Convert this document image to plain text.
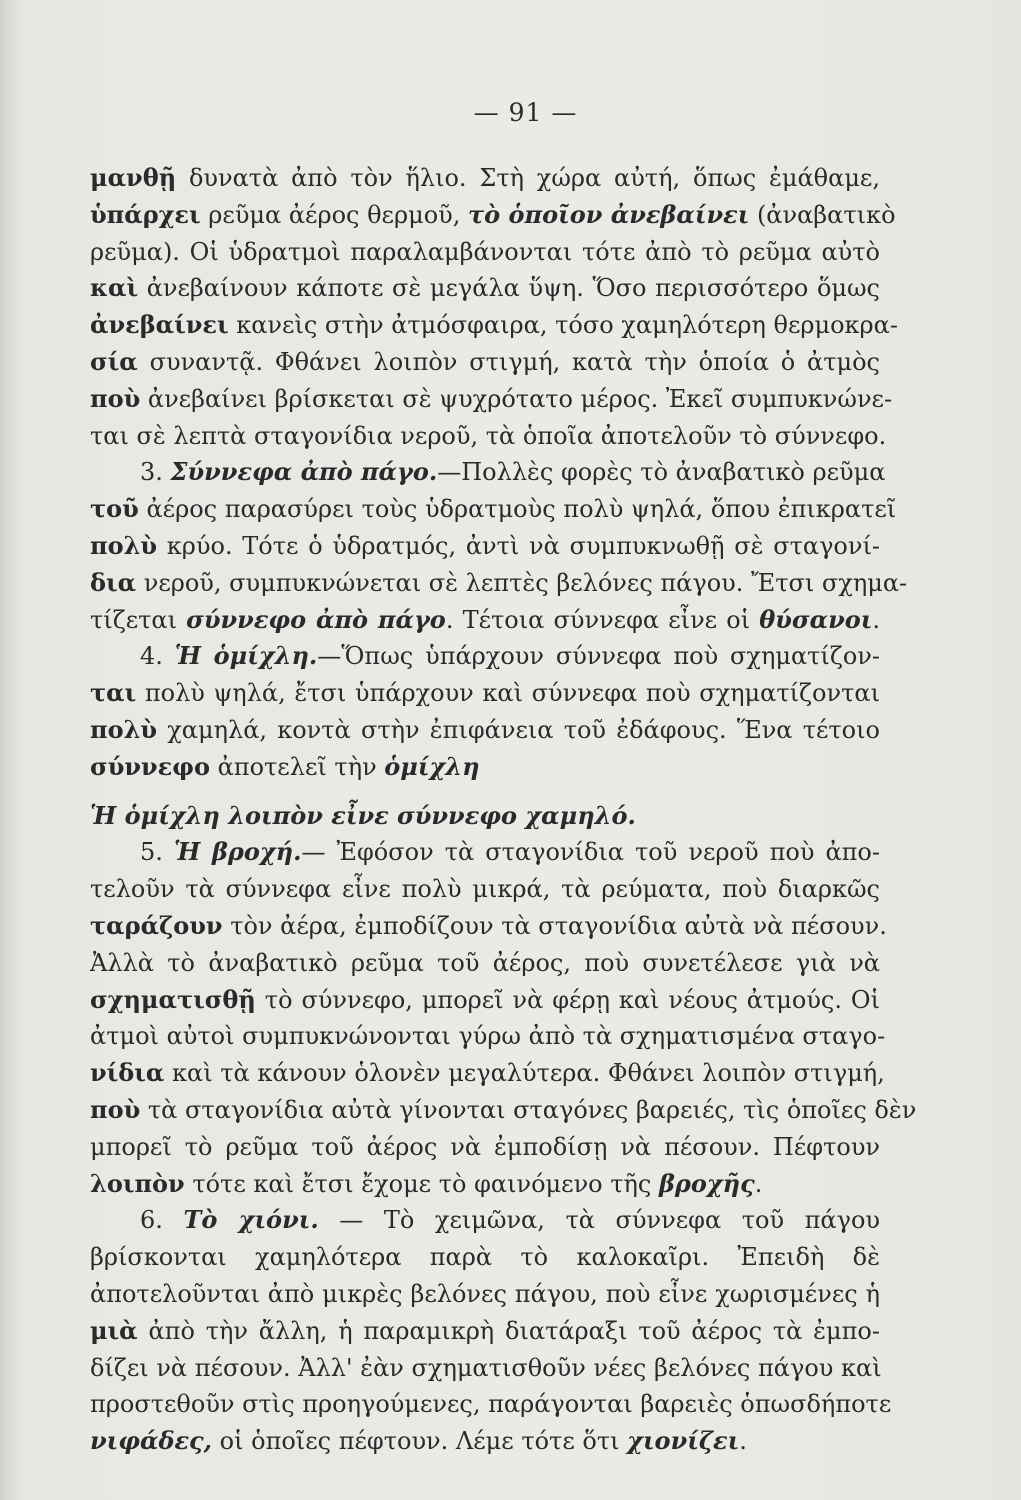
— 91 —
μανθῇ δυνατὰ ἀπὸ τὸν ἥλιο. Στὴ χώρα αὐτή, ὅπως ἐμάθαμε,
ὑπάρχει ρεῦμα ἀέρος θερμοῦ, τὸ ὁποῖον ἀνεβαίνει (ἀναβατικὸ
ρεῦμα). Οἱ ὑδρατμοὶ παραλαμβάνονται τότε ἀπὸ τὸ ρεῦμα αὐτὸ
καὶ ἀνεβαίνουν κάποτε σὲ μεγάλα ὕψη. Ὅσο περισσότερο ὅμως
ἀνεβαίνει κανεὶς στὴν ἀτμόσφαιρα, τόσο χαμηλότερη θερμοκρα-
σία συναντᾷ. Φθάνει λοιπὸν στιγμή, κατὰ τὴν ὁποία ὁ ἀτμὸς
ποὺ ἀνεβαίνει βρίσκεται σὲ ψυχρότατο μέρος. Ἐκεῖ συμπυκνώνε-
ται σὲ λεπτὰ σταγονίδια νεροῦ, τὰ ὁποῖα ἀποτελοῦν τὸ σύννεφο.
3. Σύννεφα ἀπὸ πάγο.—Πολλὲς φορὲς τὸ ἀναβατικὸ ρεῦμα
τοῦ ἀέρος παρασύρει τοὺς ὑδρατμοὺς πολὺ ψηλά, ὅπου ἐπικρατεῖ
πολὺ κρύο. Τότε ὁ ὑδρατμός, ἀντὶ νὰ συμπυκνωθῇ σὲ σταγονί-
δια νεροῦ, συμπυκνώνεται σὲ λεπτὲς βελόνες πάγου. Ἔτσι σχημα-
τίζεται σύννεφο ἀπὸ πάγο. Τέτοια σύννεφα εἶνε οἱ θύσανοι.
4. Ἡ ὁμίχλη.—Ὅπως ὑπάρχουν σύννεφα ποὺ σχηματίζον-
ται πολὺ ψηλά, ἔτσι ὑπάρχουν καὶ σύννεφα ποὺ σχηματίζονται
πολὺ χαμηλά, κοντὰ στὴν ἐπιφάνεια τοῦ ἐδάφους. Ἕνα τέτοιο
σύννεφο ἀποτελεῖ τὴν ὁμίχλη
Ἡ ὁμίχλη λοιπὸν εἶνε σύννεφο χαμηλό.
5. Ἡ βροχή.— Ἐφόσον τὰ σταγονίδια τοῦ νεροῦ ποὺ ἀπο-
τελοῦν τὰ σύννεφα εἶνε πολὺ μικρά, τὰ ρεύματα, ποὺ διαρκῶς
ταράζουν τὸν ἀέρα, ἐμποδίζουν τὰ σταγονίδια αὐτὰ νὰ πέσουν.
Ἀλλὰ τὸ ἀναβατικὸ ρεῦμα τοῦ ἀέρος, ποὺ συνετέλεσε γιὰ νὰ
σχηματισθῇ τὸ σύννεφο, μπορεῖ νὰ φέρῃ καὶ νέους ἀτμούς. Οἱ
ἀτμοὶ αὐτοὶ συμπυκνώνονται γύρω ἀπὸ τὰ σχηματισμένα σταγο-
νίδια καὶ τὰ κάνουν ὁλονὲν μεγαλύτερα. Φθάνει λοιπὸν στιγμή,
ποὺ τὰ σταγονίδια αὐτὰ γίνονται σταγόνες βαρειές, τὶς ὁποῖες δὲν
μπορεῖ τὸ ρεῦμα τοῦ ἀέρος νὰ ἐμποδίσῃ νὰ πέσουν. Πέφτουν
λοιπὸν τότε καὶ ἔτσι ἔχομε τὸ φαινόμενο τῆς βροχῆς.
6. Τὸ χιόνι. — Τὸ χειμῶνα, τὰ σύννεφα τοῦ πάγου
βρίσκονται χαμηλότερα παρὰ τὸ καλοκαῖρι. Ἐπειδὴ δὲ
ἀποτελοῦνται ἀπὸ μικρὲς βελόνες πάγου, ποὺ εἶνε χωρισμένες ἡ
μιὰ ἀπὸ τὴν ἄλλη, ἡ παραμικρὴ διατάραξι τοῦ ἀέρος τὰ ἐμπο-
δίζει νὰ πέσουν. Ἀλλ' ἐὰν σχηματισθοῦν νέες βελόνες πάγου καὶ
προστεθοῦν στὶς προηγούμενες, παράγονται βαρειὲς ὁπωσδήποτε
νιφάδες, οἱ ὁποῖες πέφτουν. Λέμε τότε ὅτι χιονίζει.
